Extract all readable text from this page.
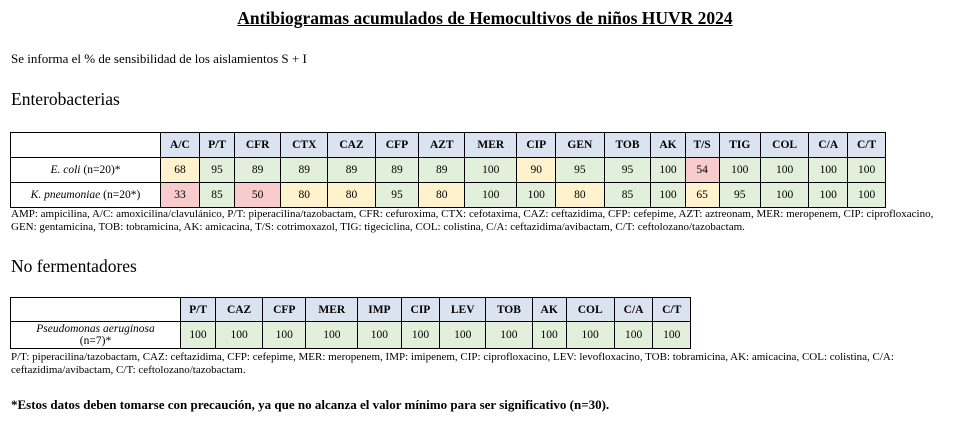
Antibiogramas acumulados de Hemocultivos de niños HUVR 2024
Se informa el % de sensibilidad de los aislamientos S + I
Enterobacterias
	A/C	P/T	CFR	CTX	CAZ	CFP	AZT	MER	CIP	GEN	TOB	AK	T/S	TIG	COL	C/A	C/T
E. coli (n=20)*	68	95	89	89	89	89	89	100	90	95	95	100	54	100	100	100	100
K. pneumoniae (n=20*)	33	85	50	80	80	95	80	100	100	80	85	100	65	95	100	100	100
AMP: ampicilina, A/C: amoxicilina/clavulánico, P/T: piperacilina/tazobactam, CFR: cefuroxima, CTX: cefotaxima, CAZ: ceftazidima, CFP: cefepime, AZT: aztreonam, MER: meropenem, CIP: ciprofloxacino, GEN: gentamicina, TOB: tobramicina, AK: amicacina, T/S: cotrimoxazol, TIG: tigeciclina, COL: colistina, C/A: ceftazidima/avibactam, C/T: ceftolozano/tazobactam.
No fermentadores
	P/T	CAZ	CFP	MER	IMP	CIP	LEV	TOB	AK	COL	C/A	C/T
Pseudomonas aeruginosa
(n=7)*	100	100	100	100	100	100	100	100	100	100	100	100
P/T: piperacilina/tazobactam, CAZ: ceftazidima, CFP: cefepime, MER: meropenem, IMP: imipenem, CIP: ciprofloxacino, LEV: levofloxacino, TOB: tobramicina, AK: amicacina, COL: colistina, C/A: ceftazidima/avibactam, C/T: ceftolozano/tazobactam.
*Estos datos deben tomarse con precaución, ya que no alcanza el valor mínimo para ser significativo (n=30).
